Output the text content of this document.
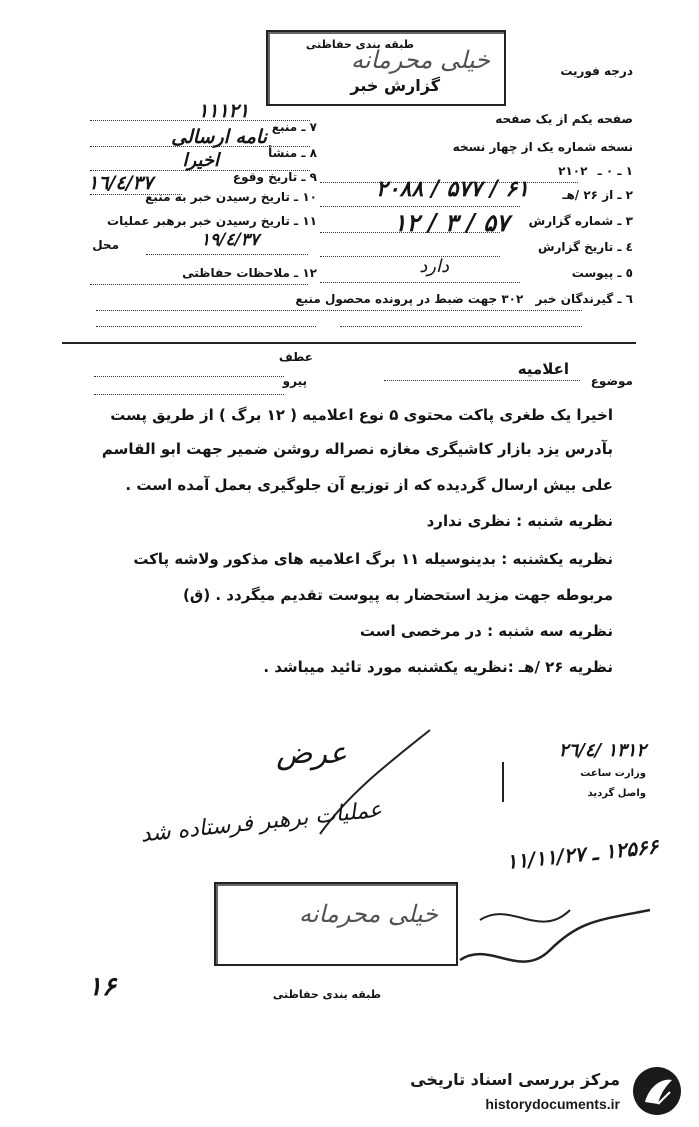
طبقه بندی حفاظتی
خیلی محرمانه
گزارش خبر
درجه فوریت
صفحه یکم از یک صفحه
نسخه شماره یک از چهار نسخه
۱ ـ ۰ ـ ۲۱۰۲
۲ ـ از ۲۶ /هـ
۶۱ / ۵۷۷ / ۲۰۸۸
۳ ـ شماره گزارش
۵۷ / ۳ / ۱۲
٤ ـ تاریخ گزارش
٥ ـ پیوست
دارد
٦ ـ گیرندگان خبر ۳۰۲ جهت ضبط در پرونده محصول منبع
۷ ـ منبع
۱۱۱۲۱
۸ ـ منشأ
نامه ارسالی
۹ ـ تاریخ وقوع
اخیرا
۱۰ ـ تاریخ رسیدن خبر به منبع
۳۷/٤/۱٦
۱۱ ـ تاریخ رسیدن خبر برهبر عملیات
محل	۳۷/٤/۱۹
۱۲ ـ ملاحظات حفاظتی
موضوع
اعلامیه
عطف
پیرو
اخیرا یک طغری پاکت محتوی ۵ نوع اعلامیه ( ۱۲ برگ ) از طریق پست
بآدرس یزد بازار کاشیگری مغازه نصراله روشن ضمیر جهت ابو القاسم
علی بیش ارسال گردیده که از توزیع آن جلوگیری بعمل آمده است .
نظریه شنبه : نظری ندارد
نظریه یکشنبه : بدینوسیله ۱۱ برگ اعلامیه های مذکور ولاشه پاکت
مربوطه جهت مزید استحضار به پیوست تقدیم میگردد . (ق)
نظریه سه شنبه : در مرخصی است
نظریه ۲۶ /هـ :نظریه یکشنبه مورد تائید میباشد .
عرض	۱۳۱۲ /٤/۲٦
وزارت ساعت
واصل گردید
عملیات برهبر فرستاده شد
۱۲۵۶۶ ـ ۱۱/۱۱/۲۷
خیلی محرمانه
طبقه بندی حفاظتی
۱۶
مرکز بررسی اسناد تاریخی
historydocuments.ir
